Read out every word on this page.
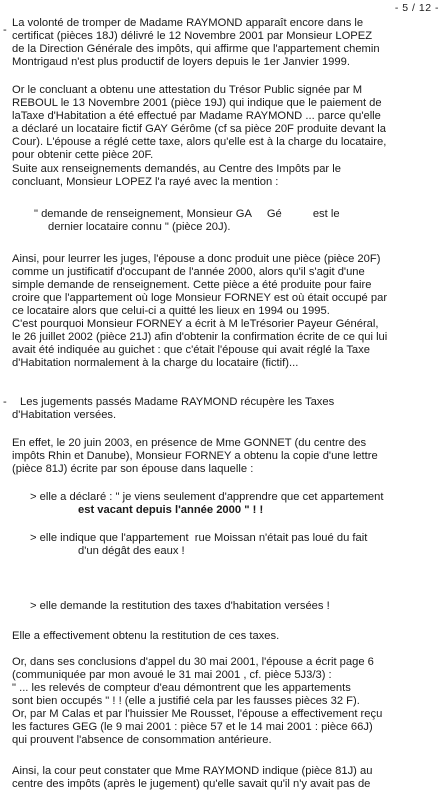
- 5 / 12 -
-
La volonté de tromper de Madame RAYMOND apparaît encore dans le
certificat (pièces 18J) délivré le 12 Novembre 2001 par Monsieur LOPEZ
de la Direction Générale des impôts, qui affirme que l'appartement chemin
Montrigaud n'est plus productif de loyers depuis le 1er Janvier 1999.
Or le concluant a obtenu une attestation du Trésor Public signée par M
REBOUL le 13 Novembre 2001 (pièce 19J) qui indique que le paiement de
laTaxe d'Habitation a été effectué par Madame RAYMOND ... parce qu'elle
a déclaré un locataire fictif GAY Gérôme (cf sa pièce 20F produite devant la
Cour). L'épouse a réglé cette taxe, alors qu'elle est à la charge du locataire,
pour obtenir cette pièce 20F.
Suite aux renseignements demandés, au Centre des Impôts par le
concluant, Monsieur LOPEZ l'a rayé avec la mention :
" demande de renseignement, Monsieur GA     Gé          est le
dernier locataire connu " (pièce 20J).
Ainsi, pour leurrer les juges, l'épouse a donc produit une pièce (pièce 20F)
comme un justificatif d'occupant de l'année 2000, alors qu'il s'agit d'une
simple demande de renseignement. Cette pièce a été produite pour faire
croire que l'appartement où loge Monsieur FORNEY est où était occupé par
ce locataire alors que celui-ci a quitté les lieux en 1994 ou 1995.
C'est pourquoi Monsieur FORNEY a écrit à M leTrésorier Payeur Général,
le 26 juillet 2002 (pièce 21J) afin d'obtenir la confirmation écrite de ce qui lui
avait été indiquée au guichet : que c'était l'épouse qui avait réglé la Taxe
d'Habitation normalement à la charge du locataire (fictif)...
- Les jugements passés Madame RAYMOND récupère les Taxes
d'Habitation versées.
En effet, le 20 juin 2003, en présence de Mme GONNET (du centre des
impôts Rhin et Danube), Monsieur FORNEY a obtenu la copie d'une lettre
(pièce 81J) écrite par son épouse dans laquelle :
> elle a déclaré : " je viens seulement d'apprendre que cet appartement
est vacant depuis l'année 2000 " ! !
> elle indique que l'appartement  rue Moissan n'était pas loué du fait
d'un dégât des eaux !
> elle demande la restitution des taxes d'habitation versées !
Elle a effectivement obtenu la restitution de ces taxes.
Or, dans ses conclusions d'appel du 30 mai 2001, l'épouse a écrit page 6
(communiquée par mon avoué le 31 mai 2001 , cf. pièce 5J3/3) :
" ... les relevés de compteur d'eau démontrent que les appartements
sont bien occupés " ! ! (elle a justifié cela par les fausses pièces 32 F).
Or, par M Calas et par l'huissier Me Rousset, l'épouse a effectivement reçu
les factures GEG (le 9 mai 2001 : pièce 57 et le 14 mai 2001 : pièce 66J)
qui prouvent l'absence de consommation antérieure.
Ainsi, la cour peut constater que Mme RAYMOND indique (pièce 81J) au
centre des impôts (après le jugement) qu'elle savait qu'il n'y avait pas de
